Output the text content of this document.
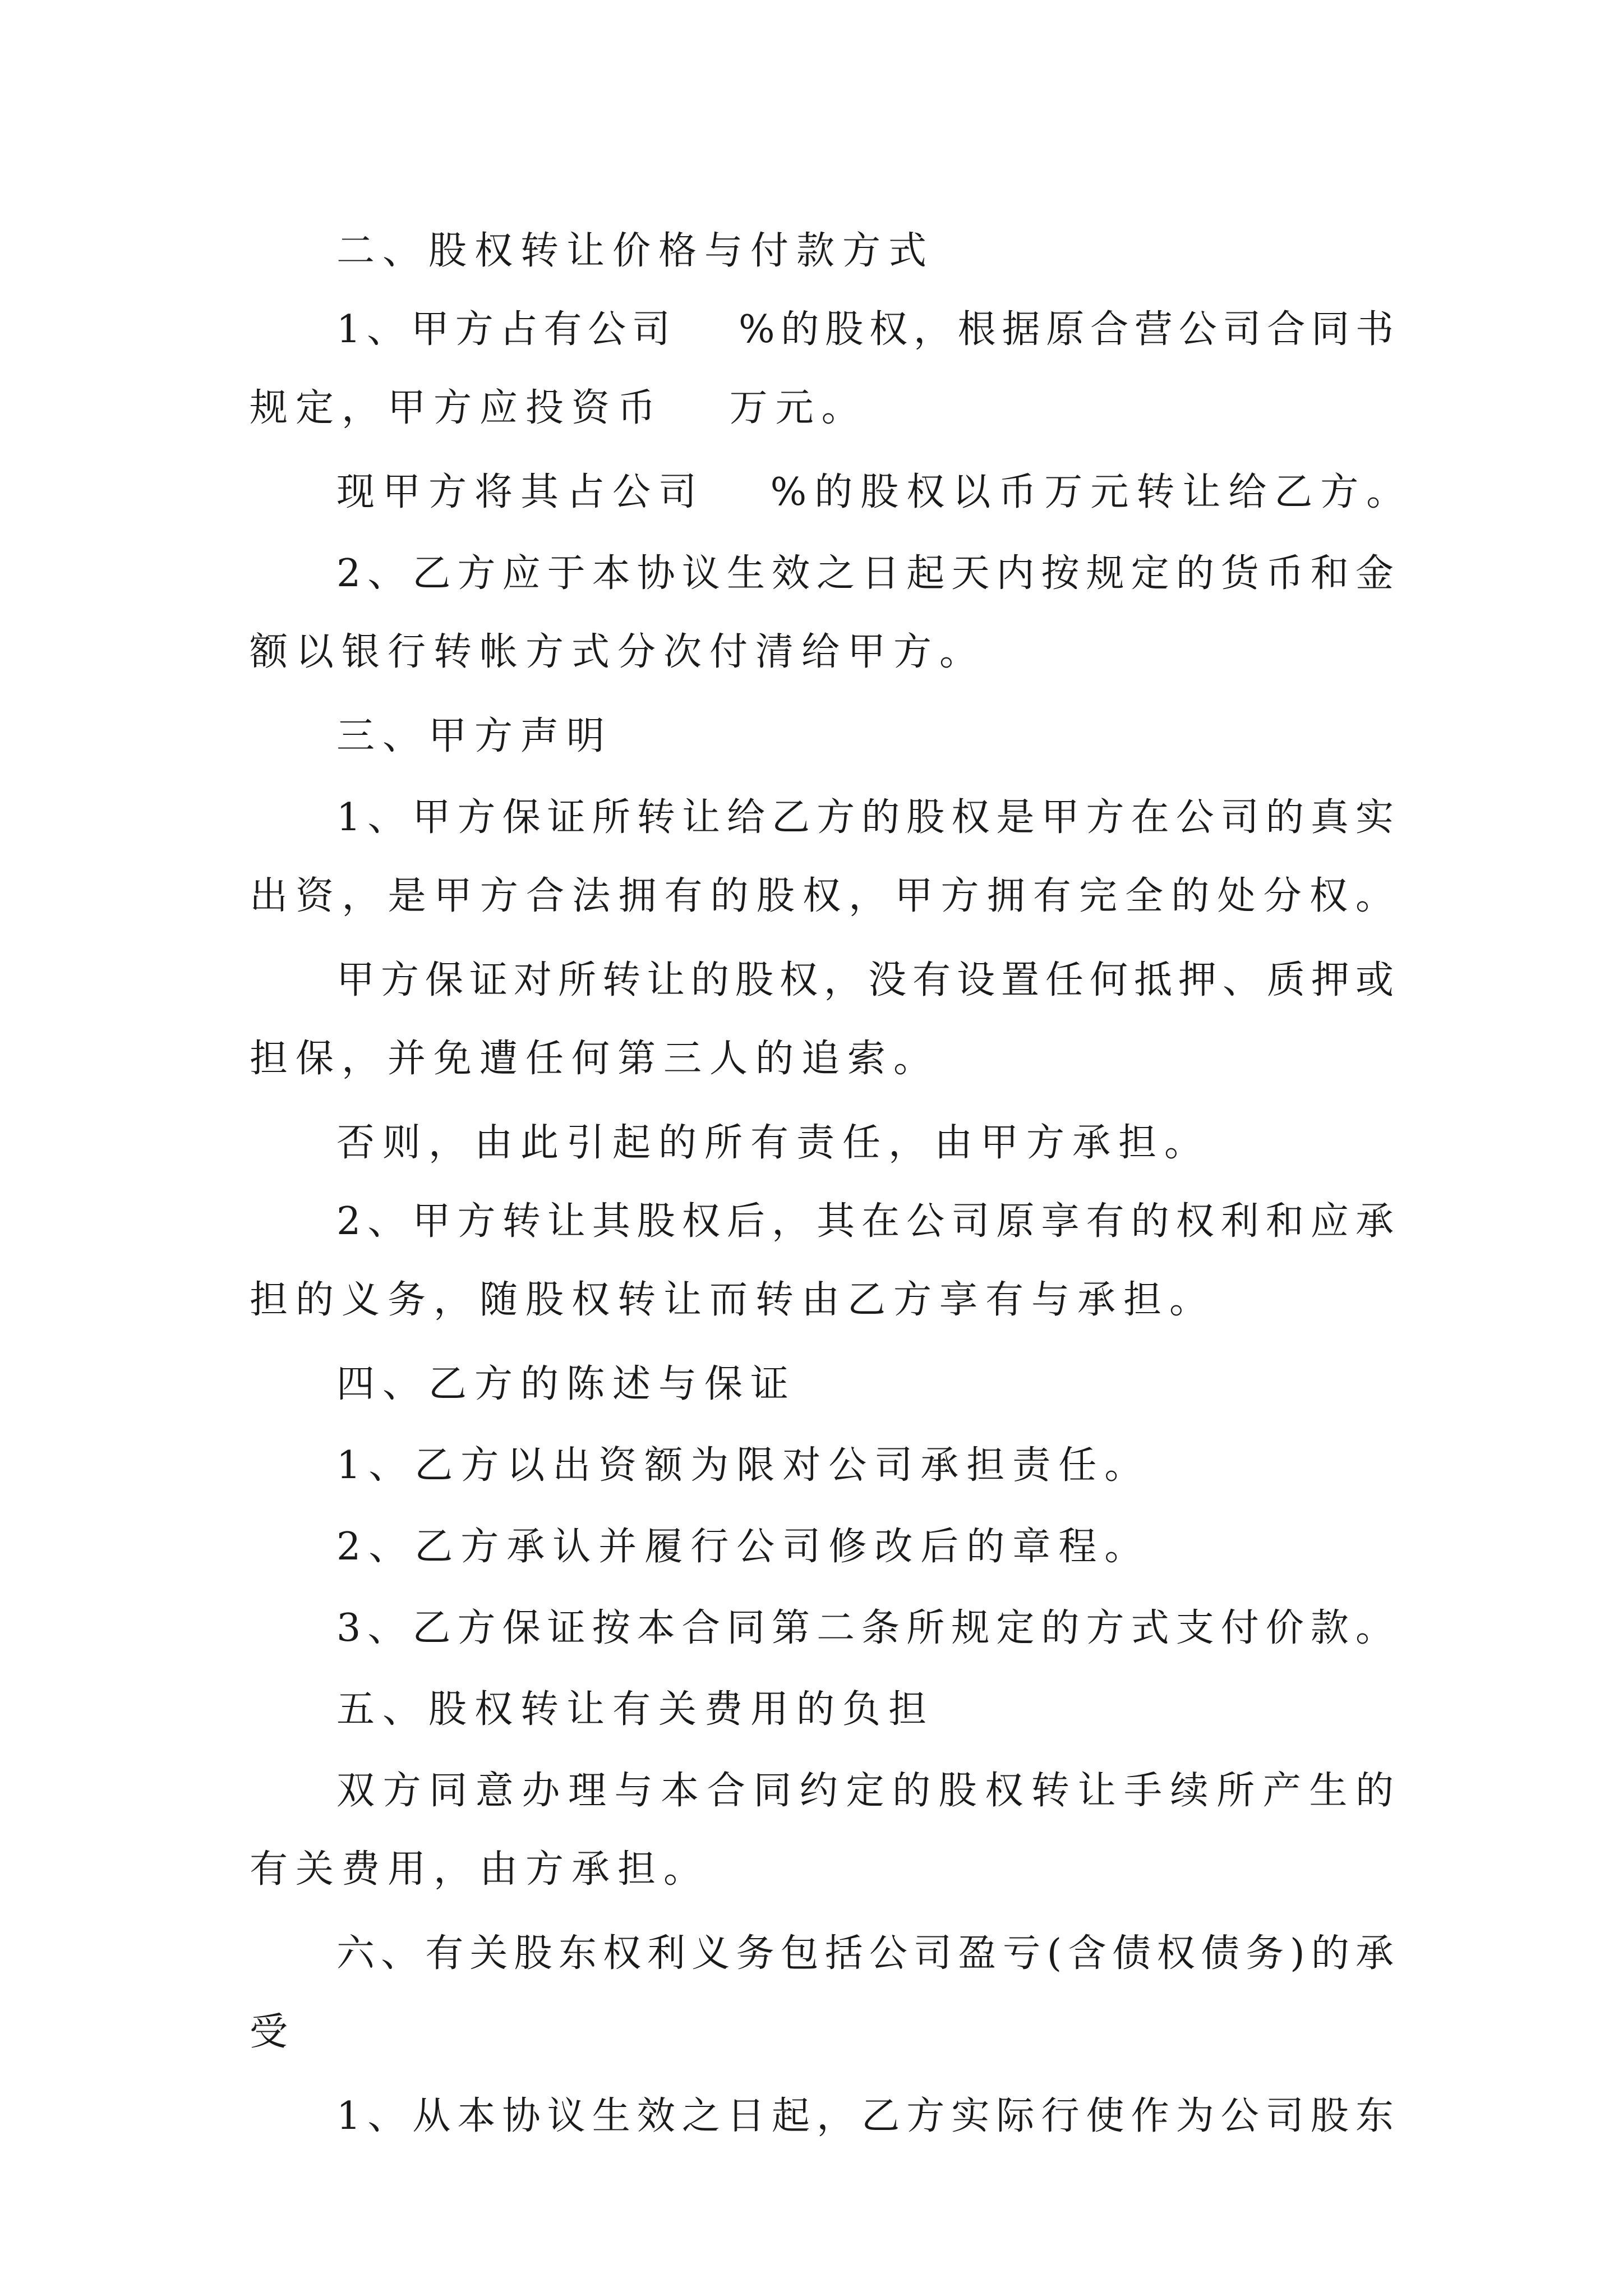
二、股权转让价格与付款方式
1、甲方占有公司　 %的股权，根据原合营公司合同书
规定，甲方应投资币　 万元。
现甲方将其占公司　 %的股权以币万元转让给乙方。
2、乙方应于本协议生效之日起天内按规定的货币和金
额以银行转帐方式分次付清给甲方。
三、甲方声明
1、甲方保证所转让给乙方的股权是甲方在公司的真实
出资，是甲方合法拥有的股权，甲方拥有完全的处分权。
甲方保证对所转让的股权，没有设置任何抵押、质押或
担保，并免遭任何第三人的追索。
否则，由此引起的所有责任，由甲方承担。
2、甲方转让其股权后，其在公司原享有的权利和应承
担的义务，随股权转让而转由乙方享有与承担。
四、乙方的陈述与保证
1、乙方以出资额为限对公司承担责任。
2、乙方承认并履行公司修改后的章程。
3、乙方保证按本合同第二条所规定的方式支付价款。
五、股权转让有关费用的负担
双方同意办理与本合同约定的股权转让手续所产生的
有关费用，由方承担。
六、有关股东权利义务包括公司盈亏(含债权债务)的承
受
1、从本协议生效之日起，乙方实际行使作为公司股东
